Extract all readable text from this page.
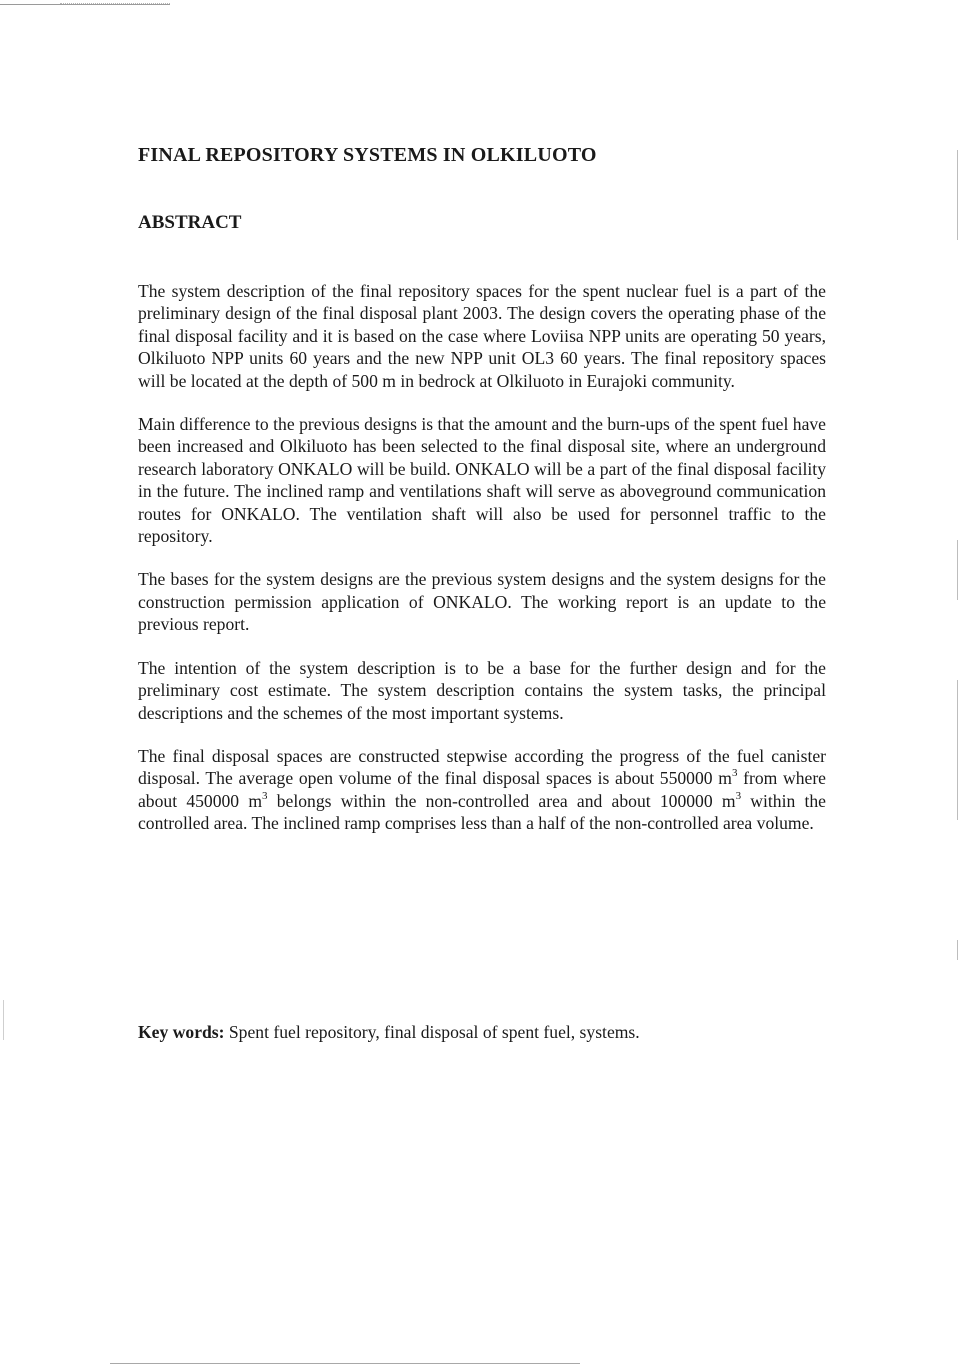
FINAL REPOSITORY SYSTEMS IN OLKILUOTO
ABSTRACT

The system description of the final repository spaces for the spent nuclear fuel is a part of the preliminary design of the final disposal plant 2003. The design covers the operating phase of the final disposal facility and it is based on the case where Loviisa NPP units are operating 50 years, Olkiluoto NPP units 60 years and the new NPP unit OL3 60 years. The final repository spaces will be located at the depth of 500 m in bedrock at Olkiluoto in Eurajoki community.

Main difference to the previous designs is that the amount and the burn-ups of the spent fuel have been increased and Olkiluoto has been selected to the final disposal site, where an underground research laboratory ONKALO will be build. ONKALO will be a part of the final disposal facility in the future. The inclined ramp and ventilations shaft will serve as aboveground communication routes for ONKALO. The ventilation shaft will also be used for personnel traffic to the repository.

The bases for the system designs are the previous system designs and the system designs for the construction permission application of ONKALO. The working report is an update to the previous report.

The intention of the system description is to be a base for the further design and for the preliminary cost estimate. The system description contains the system tasks, the principal descriptions and the schemes of the most important systems.

The final disposal spaces are constructed stepwise according the progress of the fuel canister disposal. The average open volume of the final disposal spaces is about 550000 $m^3$ from where about 450000 $m^3$ belongs within the non-controlled area and about 100000 $m^3$ within the controlled area. The inclined ramp comprises less than a half of the non-controlled area volume.

Key words: Spent fuel repository, final disposal of spent fuel, systems.
